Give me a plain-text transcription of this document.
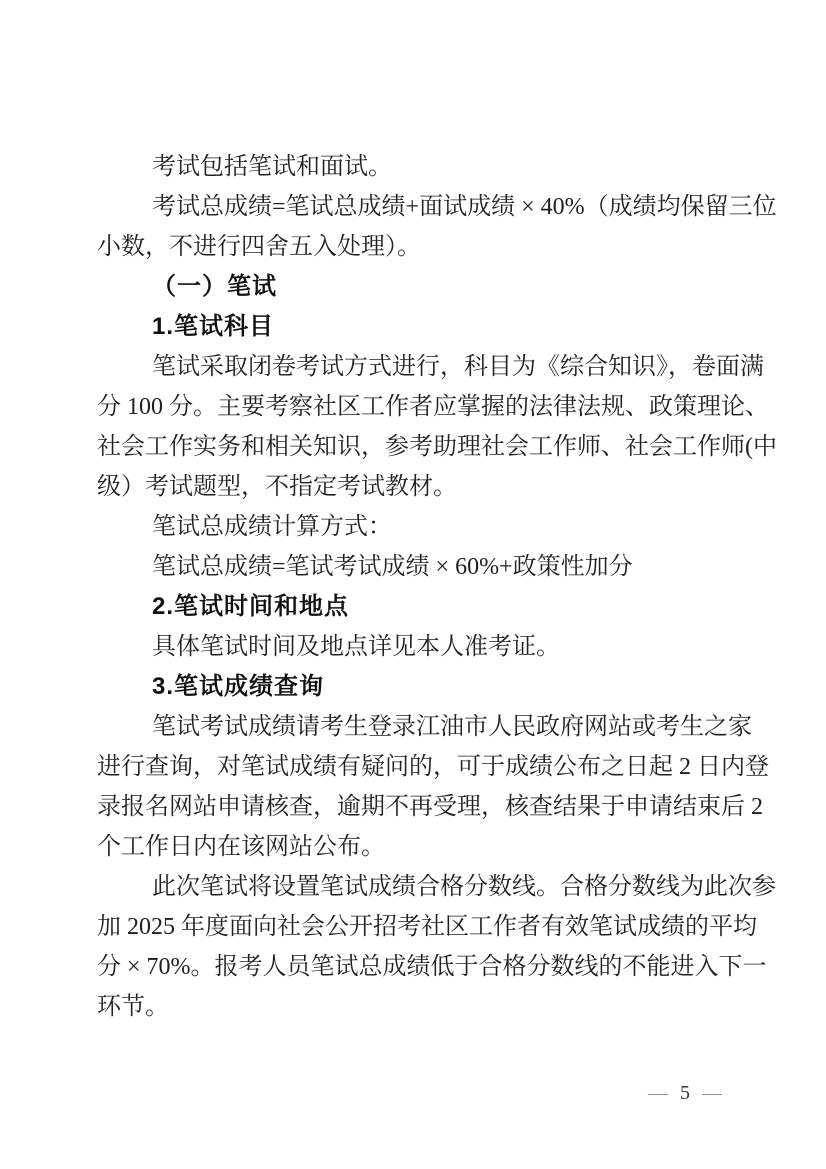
考试包括笔试和面试。
考试总成绩=笔试总成绩+面试成绩 × 40%（成绩均保留三位
小数，不进行四舍五入处理）。
（一）笔试
1.笔试科目
笔试采取闭卷考试方式进行，科目为《综合知识》，卷面满
分 100 分。主要考察社区工作者应掌握的法律法规、政策理论、
社会工作实务和相关知识，参考助理社会工作师、社会工作师(中
级）考试题型，不指定考试教材。
笔试总成绩计算方式：
笔试总成绩=笔试考试成绩 × 60%+政策性加分
2.笔试时间和地点
具体笔试时间及地点详见本人准考证。
3.笔试成绩查询
笔试考试成绩请考生登录江油市人民政府网站或考生之家
进行查询，对笔试成绩有疑问的，可于成绩公布之日起 2 日内登
录报名网站申请核查，逾期不再受理，核查结果于申请结束后 2
个工作日内在该网站公布。
此次笔试将设置笔试成绩合格分数线。合格分数线为此次参
加 2025 年度面向社会公开招考社区工作者有效笔试成绩的平均
分 × 70%。报考人员笔试总成绩低于合格分数线的不能进入下一
环节。
— 5 —
